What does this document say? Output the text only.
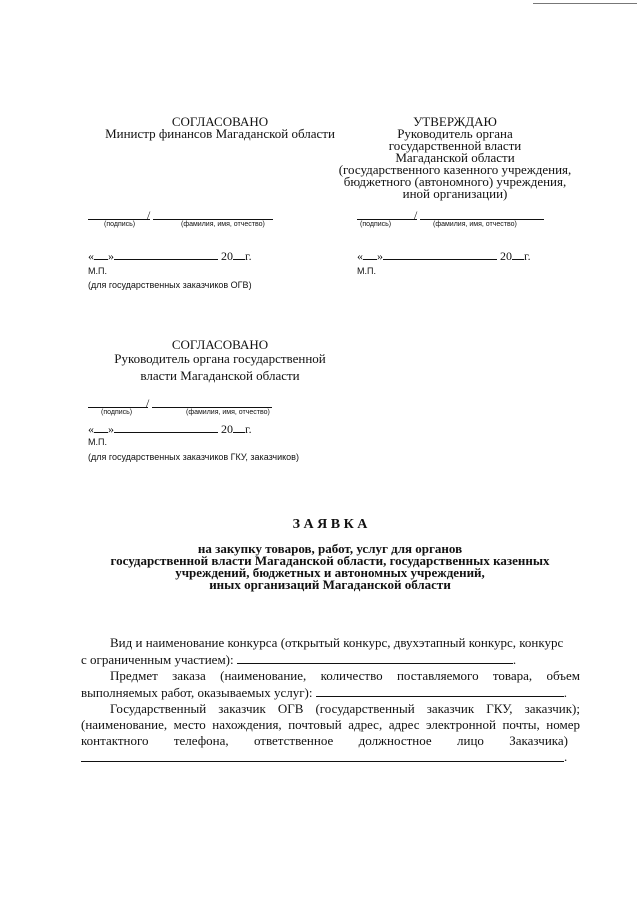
СОГЛАСОВАНО
Министр финансов Магаданской области
/
(подпись)	(фамилия, имя, отчество)
« »	20 г.
М.П.
(для государственных заказчиков ОГВ)
УТВЕРЖДАЮ
Руководитель органа
государственной власти
Магаданской области
(государственного казенного учреждения,
бюджетного (автономного) учреждения,
иной организации)
/
(подпись)	(фамилия, имя, отчество)
« »	20 г.
М.П.
СОГЛАСОВАНО
Руководитель органа государственной
власти Магаданской области
/
(подпись)	(фамилия, имя, отчество)
« »	20 г.
М.П.
(для государственных заказчиков ГКУ, заказчиков)
З А Я В К А
на закупку товаров, работ, услуг для органов
государственной власти Магаданской области, государственных казенных
учреждений, бюджетных и автономных учреждений,
иных организаций Магаданской области
Вид и наименование конкурса (открытый конкурс, двухэтапный конкурс, конкурс
с ограниченным участием):	.
Предмет заказа (наименование, количество поставляемого товара, объем
выполняемых работ, оказываемых услуг):	.
Государственный заказчик ОГВ (государственный заказчик ГКУ, заказчик);
(наименование, место нахождения, почтовый адрес, адрес электронной почты, номер
контактного телефона, ответственное должностное лицо Заказчика)
.
